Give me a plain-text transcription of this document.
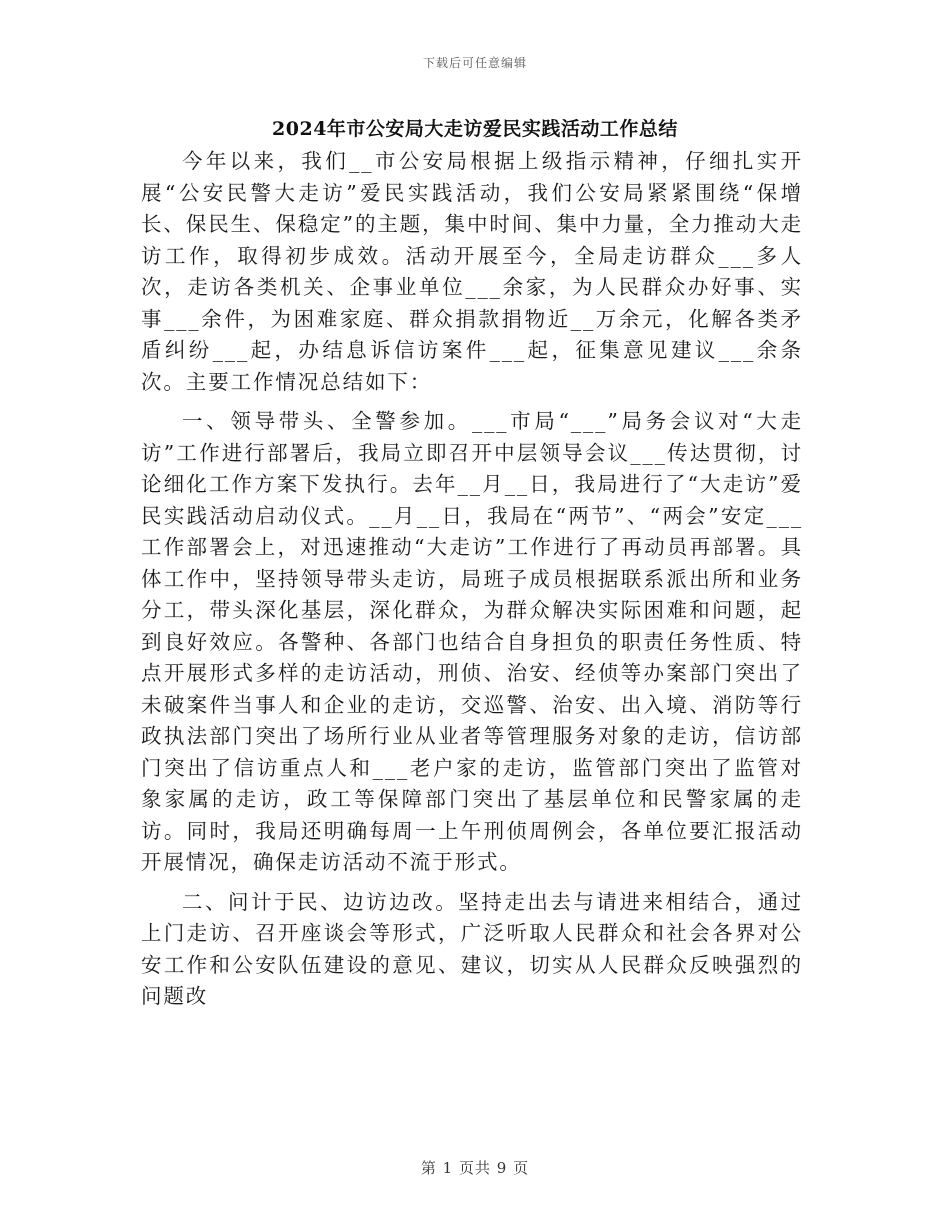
下载后可任意编辑
2024年市公安局大走访爱民实践活动工作总结

今年以来，我们__市公安局根据上级指示精神，仔细扎实开展“公安民警大走访”爱民实践活动，我们公安局紧紧围绕“保增长、保民生、保稳定”的主题，集中时间、集中力量，全力推动大走访工作，取得初步成效。活动开展至今，全局走访群众___多人次，走访各类机关、企事业单位___余家，为人民群众办好事、实事___余件，为困难家庭、群众捐款捐物近__万余元，化解各类矛盾纠纷___起，办结息诉信访案件___起，征集意见建议___余条次。主要工作情况总结如下：

一、领导带头、全警参加。___市局“___”局务会议对“大走访”工作进行部署后，我局立即召开中层领导会议___传达贯彻，讨论细化工作方案下发执行。去年__月__日，我局进行了“大走访”爱民实践活动启动仪式。__月__日，我局在“两节”、“两会”安定___工作部署会上，对迅速推动“大走访”工作进行了再动员再部署。具体工作中，坚持领导带头走访，局班子成员根据联系派出所和业务分工，带头深化基层，深化群众，为群众解决实际困难和问题，起到良好效应。各警种、各部门也结合自身担负的职责任务性质、特点开展形式多样的走访活动，刑侦、治安、经侦等办案部门突出了未破案件当事人和企业的走访，交巡警、治安、出入境、消防等行政执法部门突出了场所行业从业者等管理服务对象的走访，信访部门突出了信访重点人和___老户家的走访，监管部门突出了监管对象家属的走访，政工等保障部门突出了基层单位和民警家属的走访。同时，我局还明确每周一上午刑侦周例会，各单位要汇报活动开展情况，确保走访活动不流于形式。

二、问计于民、边访边改。坚持走出去与请进来相结合，通过上门走访、召开座谈会等形式，广泛听取人民群众和社会各界对公安工作和公安队伍建设的意见、建议，切实从人民群众反映强烈的问题改

第 1 页共 9 页
